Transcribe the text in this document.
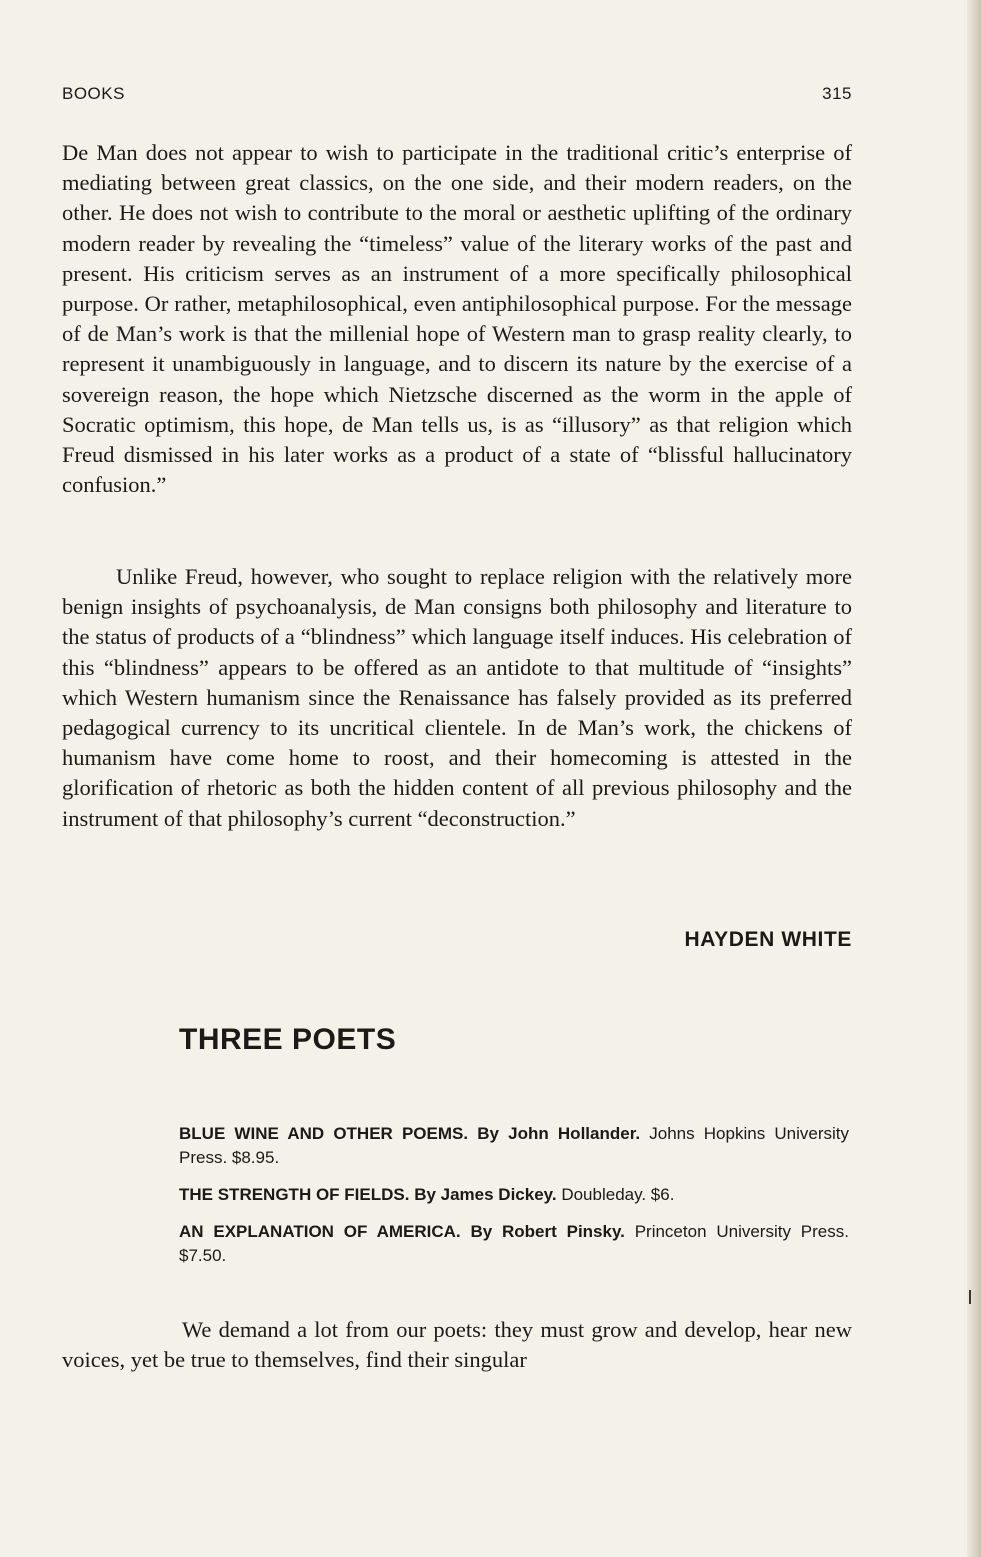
BOOKS	315

De Man does not appear to wish to participate in the traditional critic’s enterprise of mediating between great classics, on the one side, and their modern readers, on the other. He does not wish to contribute to the moral or aesthetic uplifting of the ordinary modern reader by revealing the “timeless” value of the literary works of the past and present. His criticism serves as an instrument of a more specifically philosophical purpose. Or rather, metaphilosophical, even antiphilosophical purpose. For the message of de Man’s work is that the millenial hope of Western man to grasp reality clearly, to represent it unambiguously in language, and to discern its nature by the exercise of a sovereign reason, the hope which Nietzsche discerned as the worm in the apple of Socratic optimism, this hope, de Man tells us, is as “illusory” as that religion which Freud dismissed in his later works as a product of a state of “blissful hallucinatory confusion.”

Unlike Freud, however, who sought to replace religion with the relatively more benign insights of psychoanalysis, de Man consigns both philosophy and literature to the status of products of a “blindness” which language itself induces. His celebration of this “blindness” appears to be offered as an antidote to that multitude of “insights” which Western humanism since the Renaissance has falsely provided as its preferred pedagogical currency to its uncritical clientele. In de Man’s work, the chickens of humanism have come home to roost, and their homecoming is attested in the glorification of rhetoric as both the hidden content of all previous philosophy and the instrument of that philosophy’s current “deconstruction.”

HAYDEN WHITE
THREE POETS
BLUE WINE AND OTHER POEMS. By John Hollander. Johns Hopkins University Press. $8.95.
THE STRENGTH OF FIELDS. By James Dickey. Doubleday. $6.
AN EXPLANATION OF AMERICA. By Robert Pinsky. Princeton University Press. $7.50.

We demand a lot from our poets: they must grow and develop, hear new voices, yet be true to themselves, find their singular
